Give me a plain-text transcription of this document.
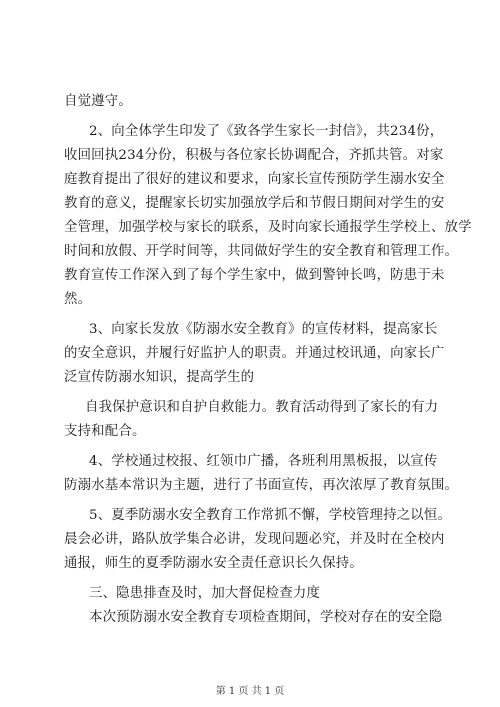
自觉遵守。
2、向全体学生印发了《致各学生家长一封信》，共234份，
收回回执234分份，积极与各位家长协调配合，齐抓共管。对家
庭教育提出了很好的建议和要求，向家长宣传预防学生溺水安全
教育的意义，提醒家长切实加强放学后和节假日期间对学生的安
全管理，加强学校与家长的联系，及时向家长通报学生学校上、放学
时间和放假、开学时间等，共同做好学生的安全教育和管理工作。
教育宣传工作深入到了每个学生家中，做到警钟长鸣，防患于未
然。
3、向家长发放《防溺水安全教育》的宣传材料，提高家长
的安全意识，并履行好监护人的职责。并通过校讯通，向家长广
泛宣传防溺水知识，提高学生的
自我保护意识和自护自救能力。教育活动得到了家长的有力
支持和配合。
4、学校通过校报、红领巾广播，各班利用黑板报，以宣传
防溺水基本常识为主题，进行了书面宣传，再次浓厚了教育氛围。
5、夏季防溺水安全教育工作常抓不懈，学校管理持之以恒。
晨会必讲，路队放学集合必讲，发现问题必究，并及时在全校内
通报，师生的夏季防溺水安全责任意识长久保持。
三、隐患排查及时，加大督促检查力度
本次预防溺水安全教育专项检查期间，学校对存在的安全隐
第 1 页 共 1 页
